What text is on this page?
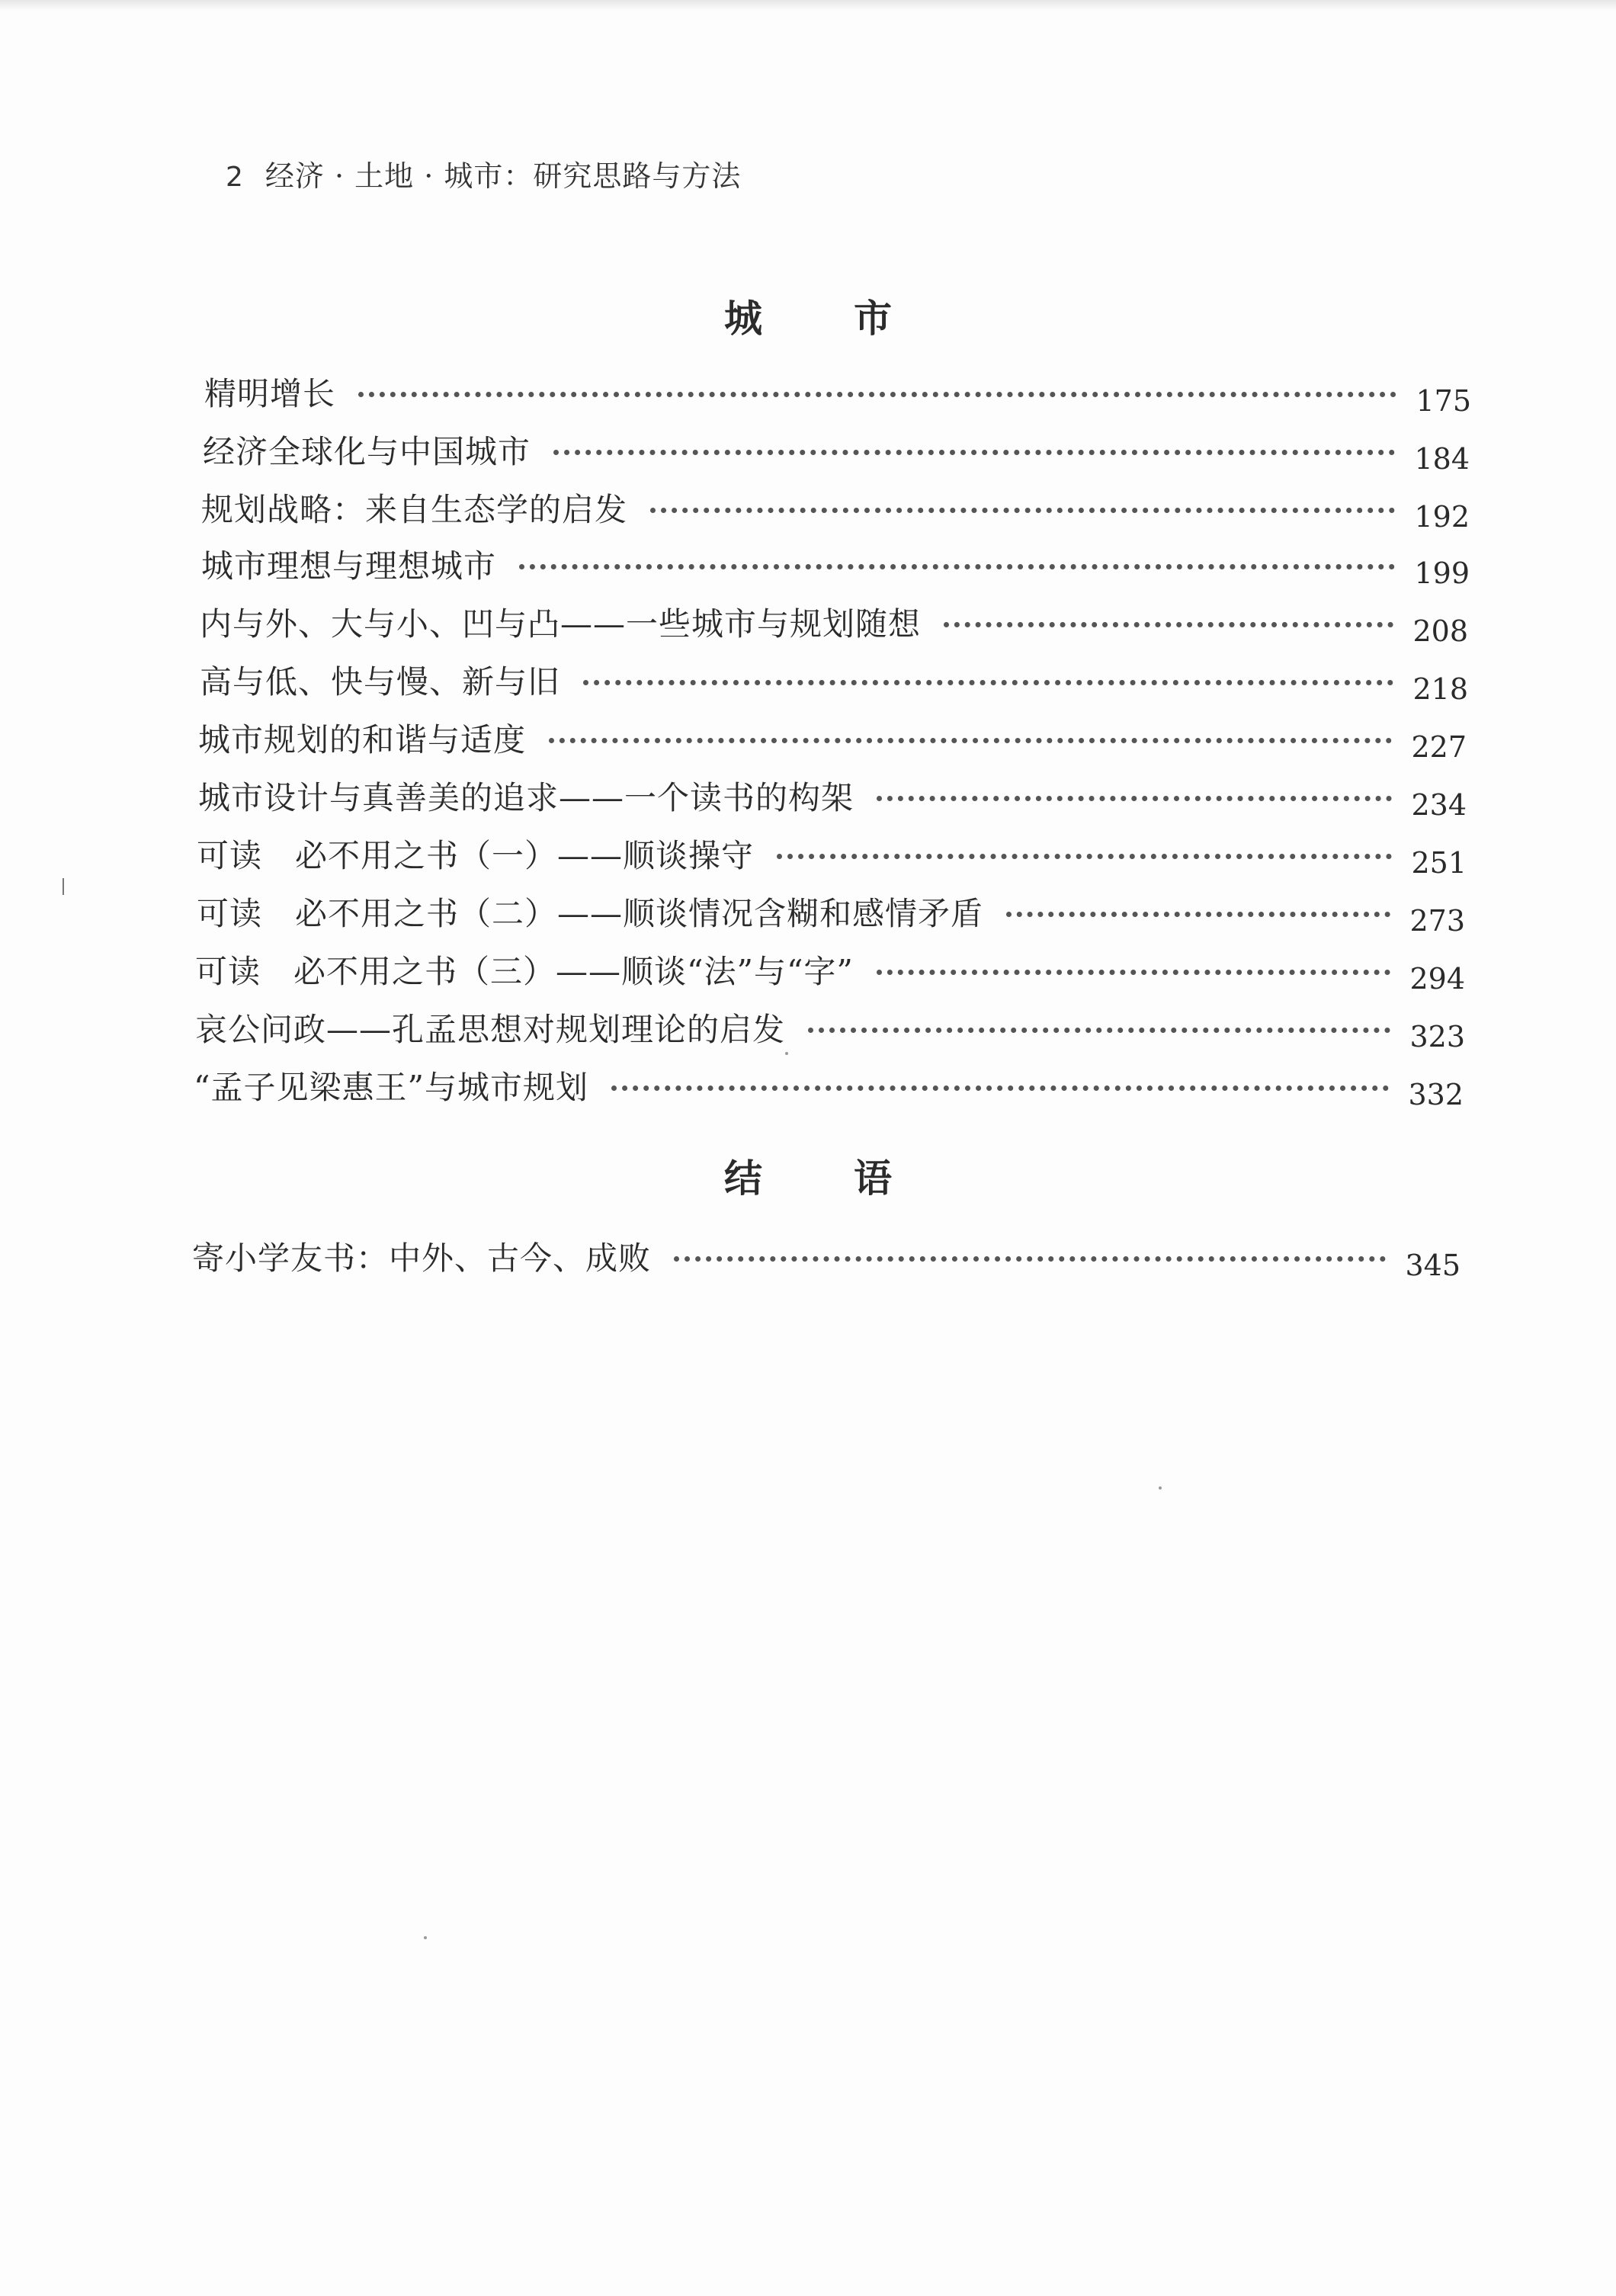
2 经济 · 土地 · 城市：研究思路与方法
城市
精明增长	175
经济全球化与中国城市	184
规划战略：来自生态学的启发	192
城市理想与理想城市	199
内与外、大与小、凹与凸——一些城市与规划随想	208
高与低、快与慢、新与旧	218
城市规划的和谐与适度	227
城市设计与真善美的追求——一个读书的构架	234
可读　必不用之书（一）——顺谈操守	251
可读　必不用之书（二）——顺谈情况含糊和感情矛盾	273
可读　必不用之书（三）——顺谈“法”与“字”	294
哀公问政——孔孟思想对规划理论的启发	323
“孟子见梁惠王”与城市规划	332
结语
寄小学友书：中外、古今、成败	345
